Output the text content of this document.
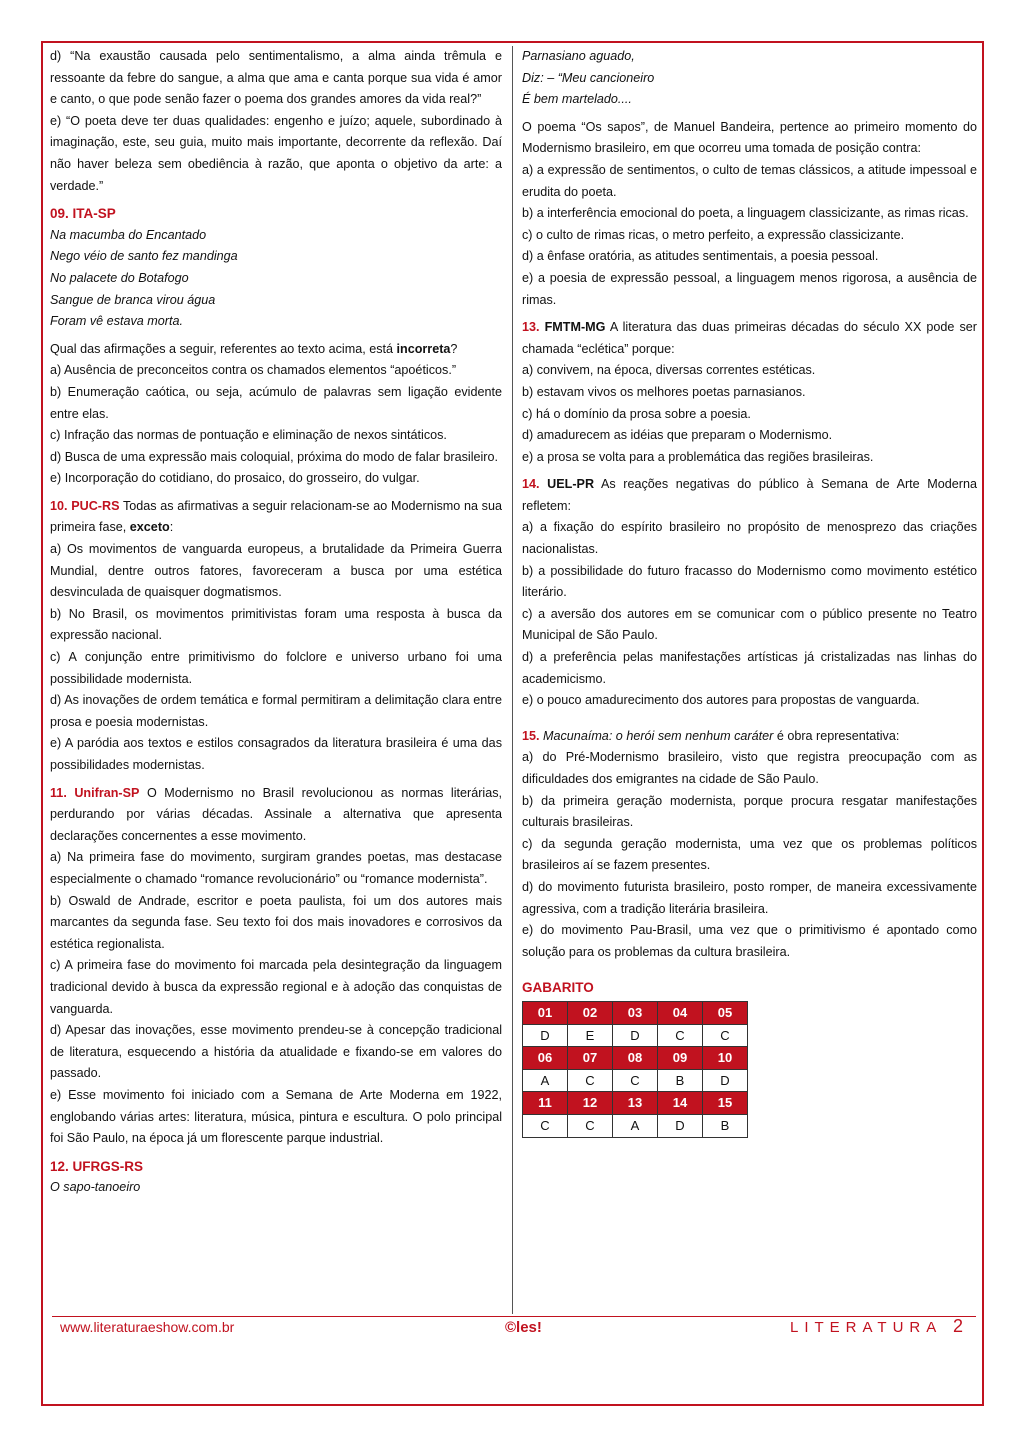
d) “Na exaustão causada pelo sentimentalismo, a alma ainda trêmula e ressoante da febre do sangue, a alma que ama e canta porque sua vida é amor e canto, o que pode senão fazer o poema dos grandes amores da vida real?”

e) “O poeta deve ter duas qualidades: engenho e juízo; aquele, subordinado à imaginação, este, seu guia, muito mais importante, decorrente da reflexão. Daí não haver beleza sem obediência à razão, que aponta o objetivo da arte: a verdade.”

09. ITA-SP

Na macumba do Encantado

Nego véio de santo fez mandinga

No palacete do Botafogo

Sangue de branca virou água

Foram vê estava morta.

Qual das afirmações a seguir, referentes ao texto acima, está incorreta?

a) Ausência de preconceitos contra os chamados elementos “apoéticos.”

b) Enumeração caótica, ou seja, acúmulo de palavras sem ligação evidente entre elas.

c) Infração das normas de pontuação e eliminação de nexos sintáticos.

d) Busca de uma expressão mais coloquial, próxima do modo de falar brasileiro.

e) Incorporação do cotidiano, do prosaico, do grosseiro, do vulgar.

10. PUC-RS Todas as afirmativas a seguir relacionam-se ao Modernismo na sua primeira fase, exceto:

a) Os movimentos de vanguarda europeus, a brutalidade da Primeira Guerra Mundial, dentre outros fatores, favoreceram a busca por uma estética desvinculada de quaisquer dogmatismos.

b) No Brasil, os movimentos primitivistas foram uma resposta à busca da expressão nacional.

c) A conjunção entre primitivismo do folclore e universo urbano foi uma possibilidade modernista.

d) As inovações de ordem temática e formal permitiram a delimitação clara entre prosa e poesia modernistas.

e) A paródia aos textos e estilos consagrados da literatura brasileira é uma das possibilidades modernistas.

11. Unifran-SP O Modernismo no Brasil revolucionou as normas literárias, perdurando por várias décadas. Assinale a alternativa que apresenta declarações concernentes a esse movimento.

a) Na primeira fase do movimento, surgiram grandes poetas, mas destacase especialmente o chamado “romance revolucionário” ou “romance modernista”.

b) Oswald de Andrade, escritor e poeta paulista, foi um dos autores mais marcantes da segunda fase. Seu texto foi dos mais inovadores e corrosivos da estética regionalista.

c) A primeira fase do movimento foi marcada pela desintegração da linguagem tradicional devido à busca da expressão regional e à adoção das conquistas de vanguarda.

d) Apesar das inovações, esse movimento prendeu-se à concepção tradicional de literatura, esquecendo a história da atualidade e fixando-se em valores do passado.

e) Esse movimento foi iniciado com a Semana de Arte Moderna em 1922, englobando várias artes: literatura, música, pintura e escultura. O polo principal foi São Paulo, na época já um florescente parque industrial.

12. UFRGS-RS

O sapo-tanoeiro

Parnasiano aguado,

Diz: – “Meu cancioneiro

É bem martelado....

O poema “Os sapos”, de Manuel Bandeira, pertence ao primeiro momento do Modernismo brasileiro, em que ocorreu uma tomada de posição contra:

a) a expressão de sentimentos, o culto de temas clássicos, a atitude impessoal e erudita do poeta.

b) a interferência emocional do poeta, a linguagem classicizante, as rimas ricas.

c) o culto de rimas ricas, o metro perfeito, a expressão classicizante.

d) a ênfase oratória, as atitudes sentimentais, a poesia pessoal.

e) a poesia de expressão pessoal, a linguagem menos rigorosa, a ausência de rimas.

13. FMTM-MG A literatura das duas primeiras décadas do século XX pode ser chamada “eclética” porque:

a) convivem, na época, diversas correntes estéticas.

b) estavam vivos os melhores poetas parnasianos.

c) há o domínio da prosa sobre a poesia.

d) amadurecem as idéias que preparam o Modernismo.

e) a prosa se volta para a problemática das regiões brasileiras.

14. UEL-PR As reações negativas do público à Semana de Arte Moderna refletem:

a) a fixação do espírito brasileiro no propósito de menosprezo das criações nacionalistas.

b) a possibilidade do futuro fracasso do Modernismo como movimento estético literário.

c) a aversão dos autores em se comunicar com o público presente no Teatro Municipal de São Paulo.

d) a preferência pelas manifestações artísticas já cristalizadas nas linhas do academicismo.

e) o pouco amadurecimento dos autores para propostas de vanguarda.

15. Macunaíma: o herói sem nenhum caráter é obra representativa:

a) do Pré-Modernismo brasileiro, visto que registra preocupação com as dificuldades dos emigrantes na cidade de São Paulo.

b) da primeira geração modernista, porque procura resgatar manifestações culturais brasileiras.

c) da segunda geração modernista, uma vez que os problemas políticos brasileiros aí se fazem presentes.

d) do movimento futurista brasileiro, posto romper, de maneira excessivamente agressiva, com a tradição literária brasileira.

e) do movimento Pau-Brasil, uma vez que o primitivismo é apontado como solução para os problemas da cultura brasileira.

GABARITO

01	02	03	04	05
D	E	D	C	C
06	07	08	09	10
A	C	C	B	D
11	12	13	14	15
C	C	A	D	B
www.literaturaeshow.com.br	©les!	LITERATURA 2
